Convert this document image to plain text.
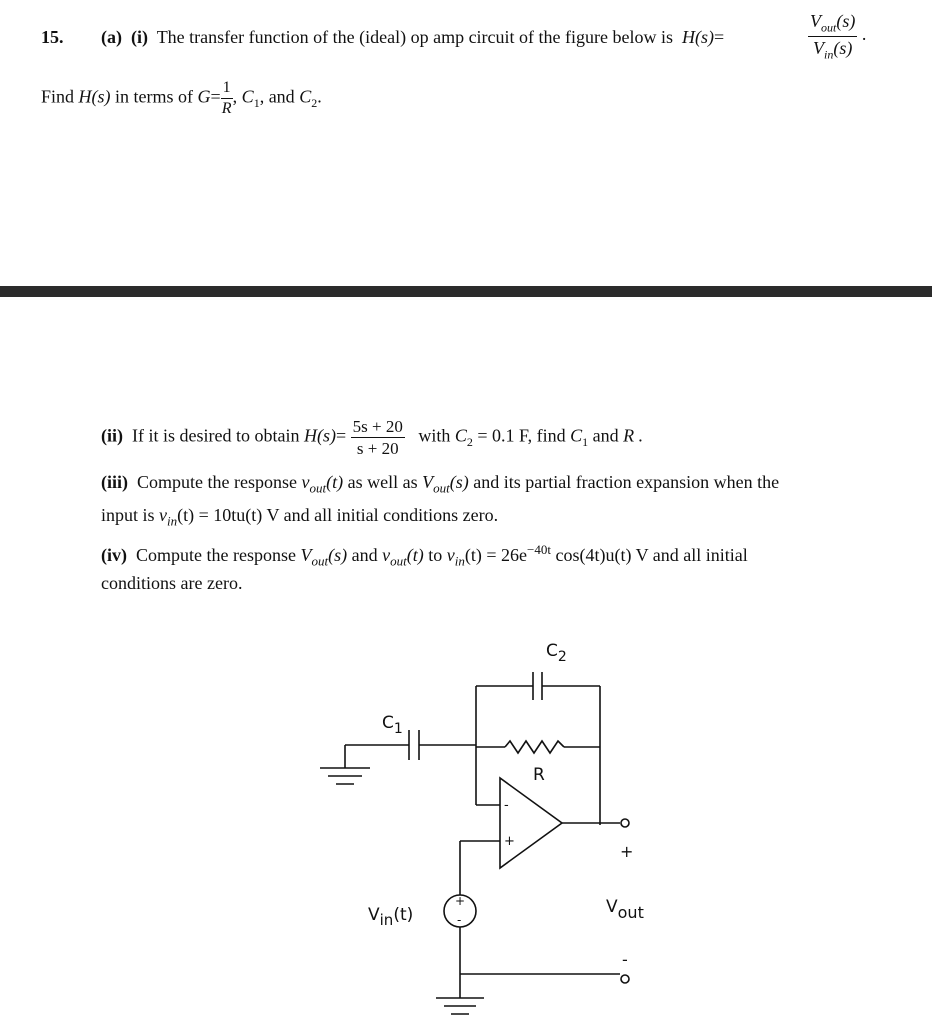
15. (a) (i) The transfer function of the (ideal) op amp circuit of the figure below is H(s)=	$\frac{V_{out}(s)}{V_{in}(s)}$ .
Find H(s) in terms of $G= \frac{1}{R}$ , $C_1$, and $C_2$.
(ii) If it is desired to obtain $H(s)= \frac{5s + 20}{s + 20}$ with $C_2 = 0.1$ F, find $C_1$ and R .
(iii) Compute the response $v_{out}(t)$ as well as $V_{out}(s)$ and its partial fraction expansion when the
input is $v_{in}(t) = 10tu(t)$ V and all initial conditions zero.
(iv) Compute the response $V_{out}(s)$ and $v_{out}(t)$ to $v_{in}(t) = 26e^{-40t}$ cos(4t)u(t) V and all initial
conditions are zero.
$C_2$
$C_1$
R
-
+
Vin(t)
+
-
+
-
Vout
